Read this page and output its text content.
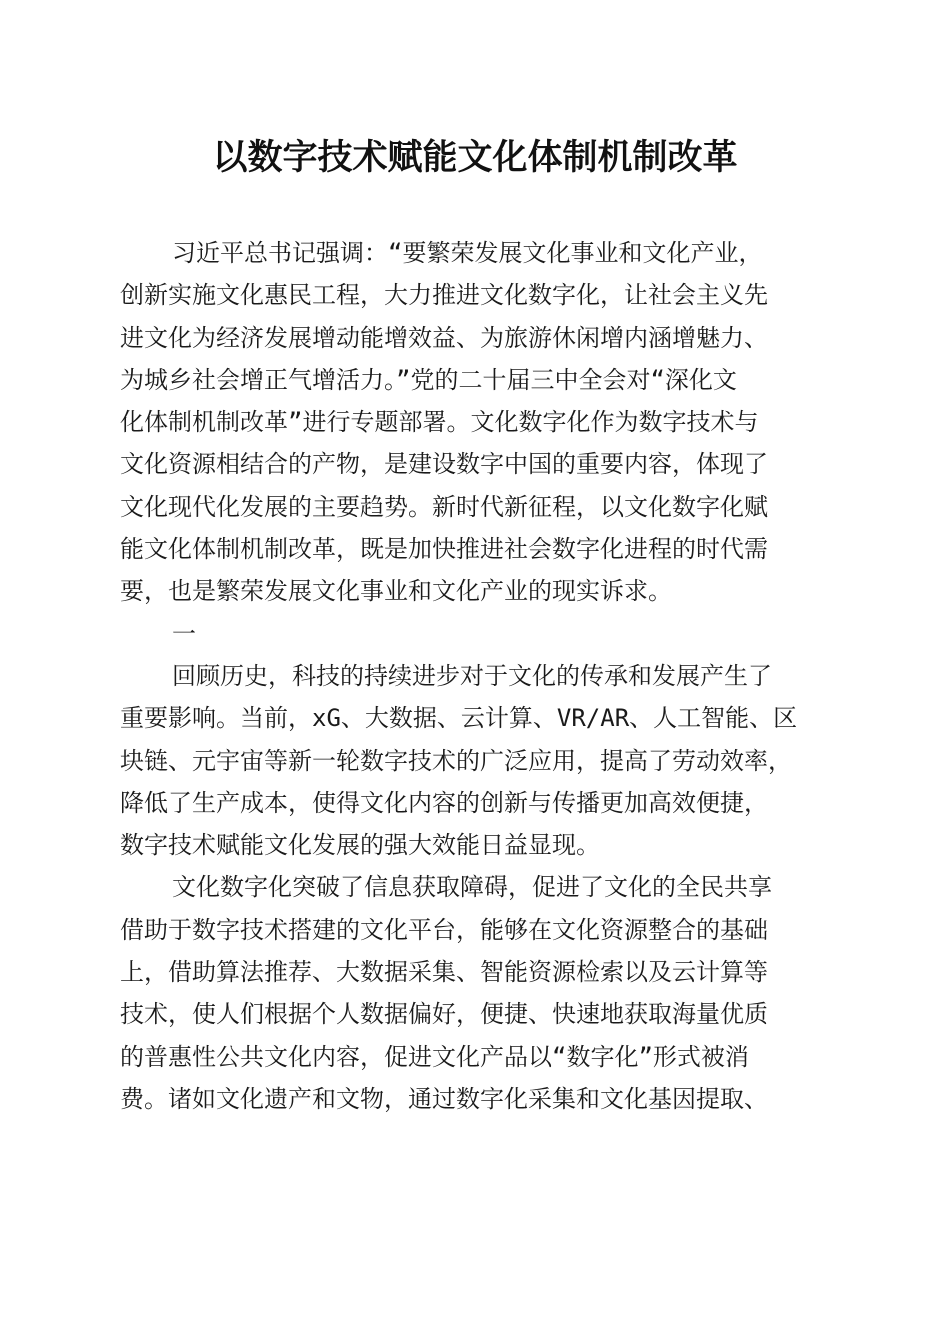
以数字技术赋能文化体制机制改革
习近平总书记强调：“要繁荣发展文化事业和文化产业，
创新实施文化惠民工程，大力推进文化数字化，让社会主义先
进文化为经济发展增动能增效益、为旅游休闲增内涵增魅力、
为城乡社会增正气增活力。”党的二十届三中全会对“深化文
化体制机制改革”进行专题部署。文化数字化作为数字技术与
文化资源相结合的产物，是建设数字中国的重要内容，体现了
文化现代化发展的主要趋势。新时代新征程，以文化数字化赋
能文化体制机制改革，既是加快推进社会数字化进程的时代需
要，也是繁荣发展文化事业和文化产业的现实诉求。
一
回顾历史，科技的持续进步对于文化的传承和发展产生了
重要影响。当前，xG、大数据、云计算、VR/AR、人工智能、区
块链、元宇宙等新一轮数字技术的广泛应用，提高了劳动效率，
降低了生产成本，使得文化内容的创新与传播更加高效便捷，
数字技术赋能文化发展的强大效能日益显现。
文化数字化突破了信息获取障碍，促进了文化的全民共享
借助于数字技术搭建的文化平台，能够在文化资源整合的基础
上，借助算法推荐、大数据采集、智能资源检索以及云计算等
技术，使人们根据个人数据偏好，便捷、快速地获取海量优质
的普惠性公共文化内容，促进文化产品以“数字化”形式被消
费。诸如文化遗产和文物，通过数字化采集和文化基因提取、
